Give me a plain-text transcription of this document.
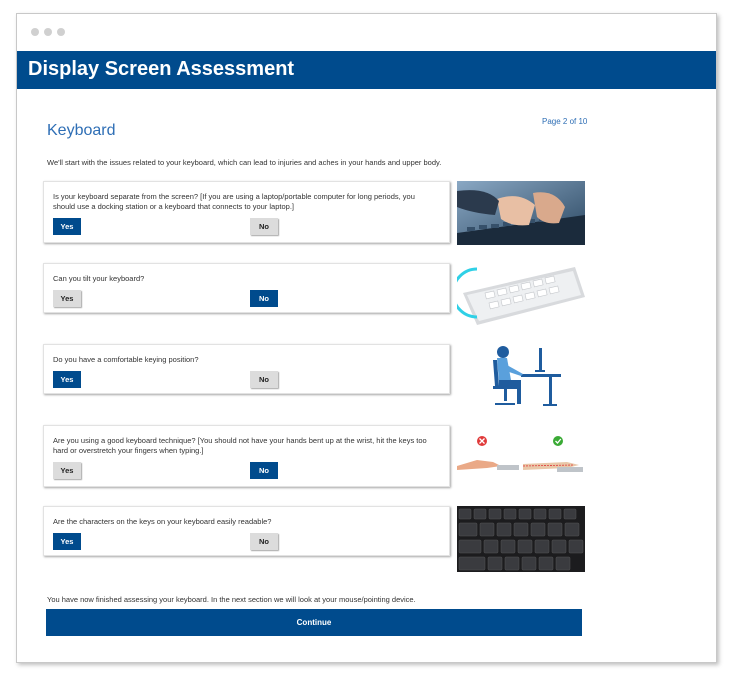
Display Screen Assessment
Keyboard
Page 2 of 10
We'll start with the issues related to your keyboard, which can lead to injuries and aches in your hands and upper body.
Is your keyboard separate from the screen? [If you are using a laptop/portable computer for long periods, you should use a docking station or a keyboard that connects to your laptop.]
Yes	No
Can you tilt your keyboard?
Yes	No
Do you have a comfortable keying position?
Yes	No
Are you using a good keyboard technique? [You should not have your hands bent up at the wrist, hit the keys too hard or overstretch your fingers when typing.]
Yes	No
Are the characters on the keys on your keyboard easily readable?
Yes	No
You have now finished assessing your keyboard. In the next section we will look at your mouse/pointing device.
Continue
